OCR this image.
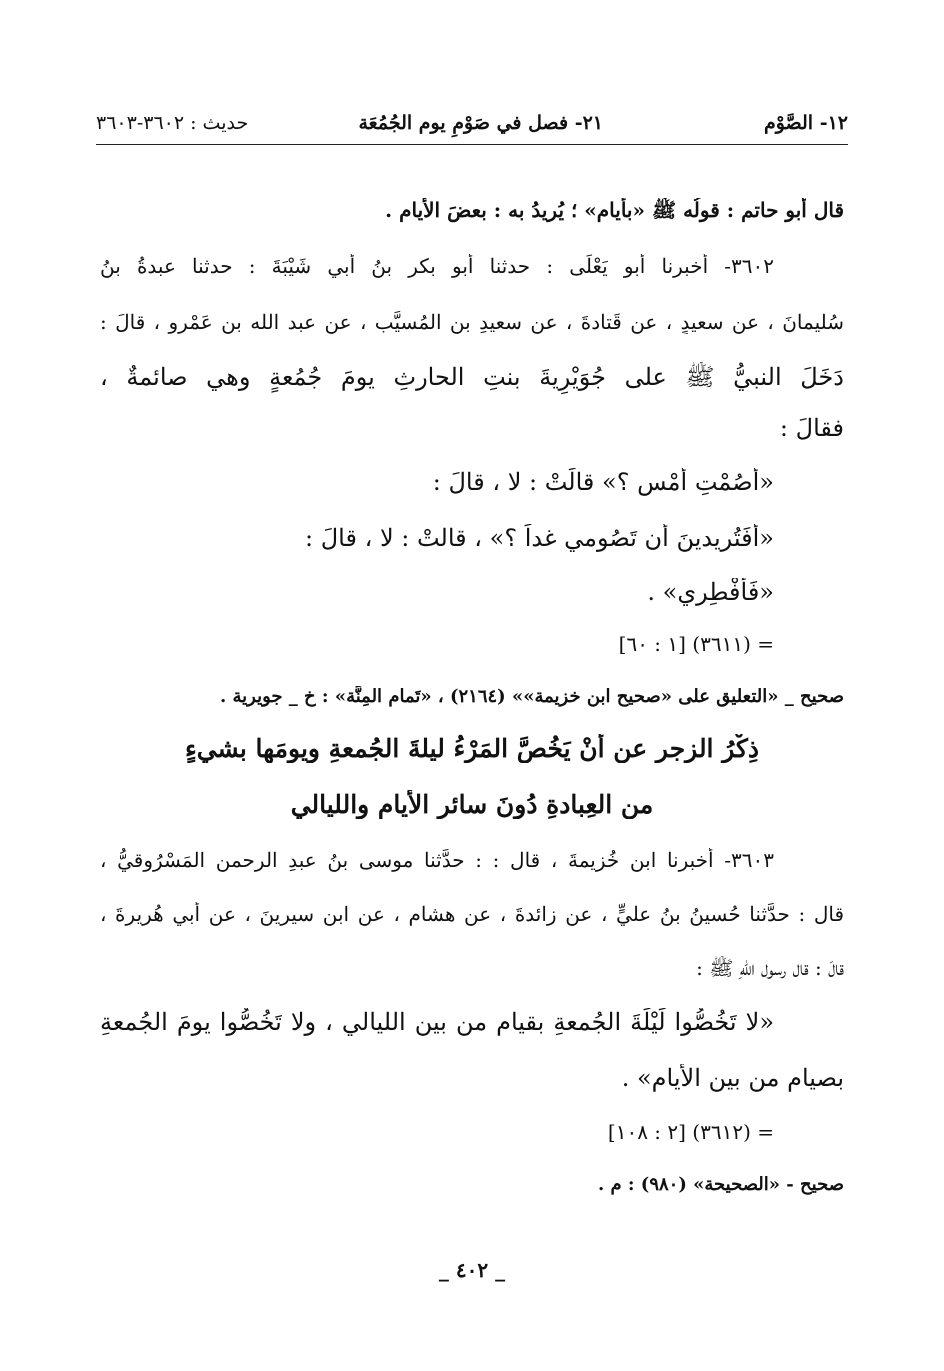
١٢- الصَّوْم
٢١- فصل في صَوْمِ يوم الجُمُعَة
حديث : ٣٦٠٢-٣٦٠٣
قال أبو حاتم : قولُه ﷺ «بأيام» ؛ يُريدُ به : بعضَ الأيام .
٣٦٠٢- أخبرنا أبو يَعْلَى : حدثنا أبو بكر بنُ أبي شَيْبَةَ : حدثنا عبدةُ بنُ
سُليمانَ ، عن سعيدٍ ، عن قَتادةَ ، عن سعيدِ بنِ المُسيَّب ، عن عبد الله بنِ عَمْرٍو ، قالَ :
دَخَلَ النبيُّ ﷺ على جُوَيْرِيةَ بنتِ الحارثِ يومَ جُمُعةٍ وهي صائمةٌ ،
فقالَ :
«أَصُمْتِ أَمْسِ ؟» قالَتْ : لا ، قالَ :
«أفَتُريدينَ أن تَصُومي غداً ؟» ، قالتْ : لا ، قالَ :
«فَأَفْطِري» .
= (٣٦١١) [١ : ٦٠]
صحيح _ «التعليق على «صحيح ابن خزيمة»» (٢١٦٤) ، «تَمام المِنَّة» : خ _ جويرية .
ذِكْرُ الزجرِ عن أنْ يَخُصَّ المَرْءُ ليلةَ الجُمعةِ ويومَها بشيءٍ
من العِبادةِ دُونَ سائرِ الأيامِ والليالي
٣٦٠٣- أخبرنا ابن خُزيمةَ ، قال : : حدَّثنا موسى بنُ عبدِ الرحمن المَسْرُوقيُّ ،
قال : حدَّثنا حُسينُ بنُ عليٍّ ، عن زائدةَ ، عن هشامٍ ، عنِ ابنِ سيرينَ ، عن أبي هُريرةَ ،
قالَ : قال رسول اللهِ ﷺ :
«لا تَخُصُّوا لَيْلَةَ الجُمعةِ بقيامٍ من بينِ الليالي ، ولا تَخُصُّوا يومَ الجُمعةِ
بصيامٍ من بينِ الأيامِ» .
= (٣٦١٢) [٢ : ١٠٨]
صحيح - «الصحيحة» (٩٨٠) : م .
_ ٤٠٢ _
